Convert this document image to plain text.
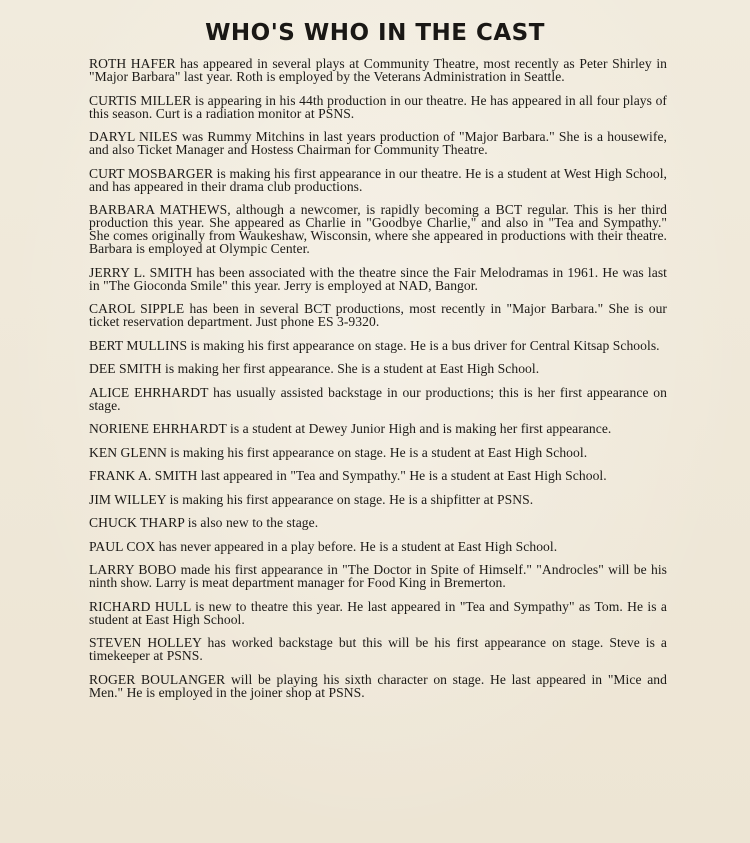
WHO'S WHO IN THE CAST

ROTH HAFER has appeared in several plays at Community Theatre, most recently as Peter Shirley in "Major Barbara" last year. Roth is employed by the Veterans Administration in Seattle.

CURTIS MILLER is appearing in his 44th production in our theatre. He has appeared in all four plays of this season. Curt is a radiation monitor at PSNS.

DARYL NILES was Rummy Mitchins in last years production of "Major Barbara." She is a housewife, and also Ticket Manager and Hostess Chairman for Community Theatre.

CURT MOSBARGER is making his first appearance in our theatre. He is a student at West High School, and has appeared in their drama club productions.

BARBARA MATHEWS, although a newcomer, is rapidly becoming a BCT regular. This is her third production this year. She appeared as Charlie in "Goodbye Charlie," and also in "Tea and Sympathy." She comes originally from Waukeshaw, Wisconsin, where she appeared in productions with their theatre. Barbara is employed at Olympic Center.

JERRY L. SMITH has been associated with the theatre since the Fair Melodramas in 1961. He was last in "The Gioconda Smile" this year. Jerry is employed at NAD, Bangor.

CAROL SIPPLE has been in several BCT productions, most recently in "Major Barbara." She is our ticket reservation department. Just phone ES 3-9320.

BERT MULLINS is making his first appearance on stage. He is a bus driver for Central Kitsap Schools.

DEE SMITH is making her first appearance. She is a student at East High School.

ALICE EHRHARDT has usually assisted backstage in our productions; this is her first appearance on stage.

NORIENE EHRHARDT is a student at Dewey Junior High and is making her first appearance.

KEN GLENN is making his first appearance on stage. He is a student at East High School.

FRANK A. SMITH last appeared in "Tea and Sympathy." He is a student at East High School.

JIM WILLEY is making his first appearance on stage. He is a shipfitter at PSNS.

CHUCK THARP is also new to the stage.

PAUL COX has never appeared in a play before. He is a student at East High School.

LARRY BOBO made his first appearance in "The Doctor in Spite of Himself." "Androcles" will be his ninth show. Larry is meat department manager for Food King in Bremerton.

RICHARD HULL is new to theatre this year. He last appeared in "Tea and Sympathy" as Tom. He is a student at East High School.

STEVEN HOLLEY has worked backstage but this will be his first appearance on stage. Steve is a timekeeper at PSNS.

ROGER BOULANGER will be playing his sixth character on stage. He last appeared in "Mice and Men." He is employed in the joiner shop at PSNS.
